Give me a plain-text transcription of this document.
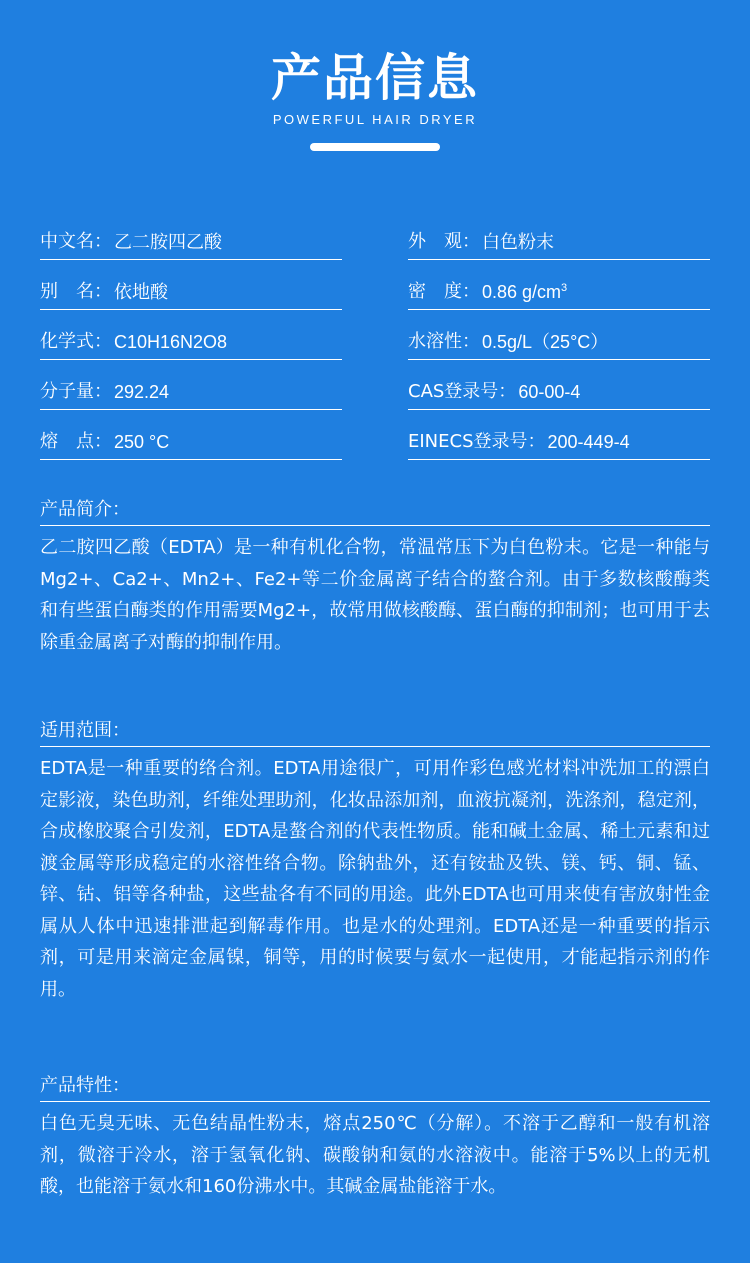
产品信息
POWERFUL HAIR DRYER
中文名： 乙二胺四乙酸
别　名： 依地酸
化学式： C10H16N2O8
分子量： 292.24
熔　点： 250 °C
外　观： 白色粉末
密　度： 0.86 $g/cm^3$
水溶性： 0.5g/L（25°C）
CAS登录号： 60-00-4
EINECS登录号： 200-449-4
产品简介：
乙二胺四乙酸（EDTA）是一种有机化合物，常温常压下为白色粉末。它是一种能与Mg2+、Ca2+、Mn2+、Fe2+等二价金属离子结合的螯合剂。由于多数核酸酶类和有些蛋白酶类的作用需要Mg2+，故常用做核酸酶、蛋白酶的抑制剂；也可用于去除重金属离子对酶的抑制作用。
适用范围：
EDTA是一种重要的络合剂。EDTA用途很广，可用作彩色感光材料冲洗加工的漂白定影液，染色助剂，纤维处理助剂，化妆品添加剂，血液抗凝剂，洗涤剂，稳定剂，合成橡胶聚合引发剂，EDTA是螯合剂的代表性物质。能和碱土金属、稀土元素和过渡金属等形成稳定的水溶性络合物。除钠盐外，还有铵盐及铁、镁、钙、铜、锰、锌、钴、铝等各种盐，这些盐各有不同的用途。此外EDTA也可用来使有害放射性金属从人体中迅速排泄起到解毒作用。也是水的处理剂。EDTA还是一种重要的指示剂，可是用来滴定金属镍，铜等，用的时候要与氨水一起使用，才能起指示剂的作用。
产品特性：
白色无臭无味、无色结晶性粉末，熔点250℃（分解）。不溶于乙醇和一般有机溶剂，微溶于冷水，溶于氢氧化钠、碳酸钠和氨的水溶液中。能溶于5%以上的无机酸，也能溶于氨水和160份沸水中。其碱金属盐能溶于水。
